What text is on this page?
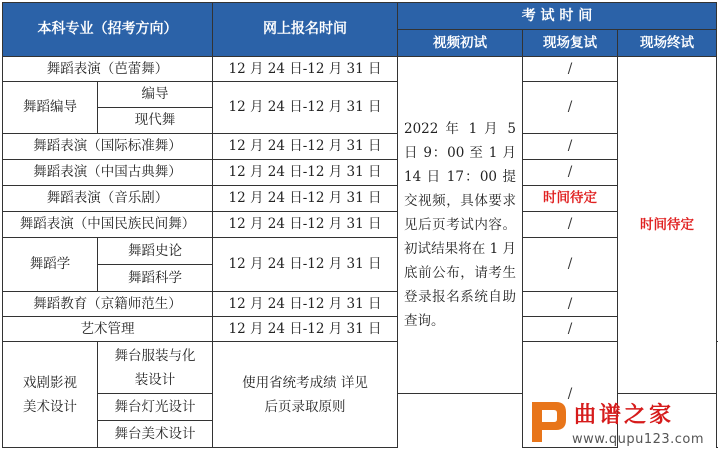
本科专业（招考方向）		网上报名时间	考 试 时 间			
			视频初试	现场复试	现场终试	
舞蹈表演（芭蕾舞）		12 月 24 日-12 月 31 日	2022 年 1 月 5 日 9：00 至 1 月 14 日 17：00 提交视频，具体要求见后页考试内容。初试结果将在 1 月底前公布，请考生登录报名系统自助查询。	/	时间待定	
舞蹈编导	编导	12 月 24 日-12 月 31 日		/		
	现代舞					
舞蹈表演（国际标准舞）		12 月 24 日-12 月 31 日		/		
舞蹈表演（中国古典舞）		12 月 24 日-12 月 31 日		/		
舞蹈表演（音乐剧）		12 月 24 日-12 月 31 日		时间待定		
舞蹈表演（中国民族民间舞）		12 月 24 日-12 月 31 日		/		
舞蹈学	舞蹈史论	12 月 24 日-12 月 31 日		/		
	舞蹈科学					
舞蹈教育（京籍师范生）		12 月 24 日-12 月 31 日		/		
艺术管理		12 月 24 日-12 月 31 日		/		
戏剧影视美术设计	舞台服装与化装设计	使用省统考成绩 详见后页录取原则		/		
	舞台灯光设计					
	舞台美术设计					
曲谱之家
www.qupu123.com
